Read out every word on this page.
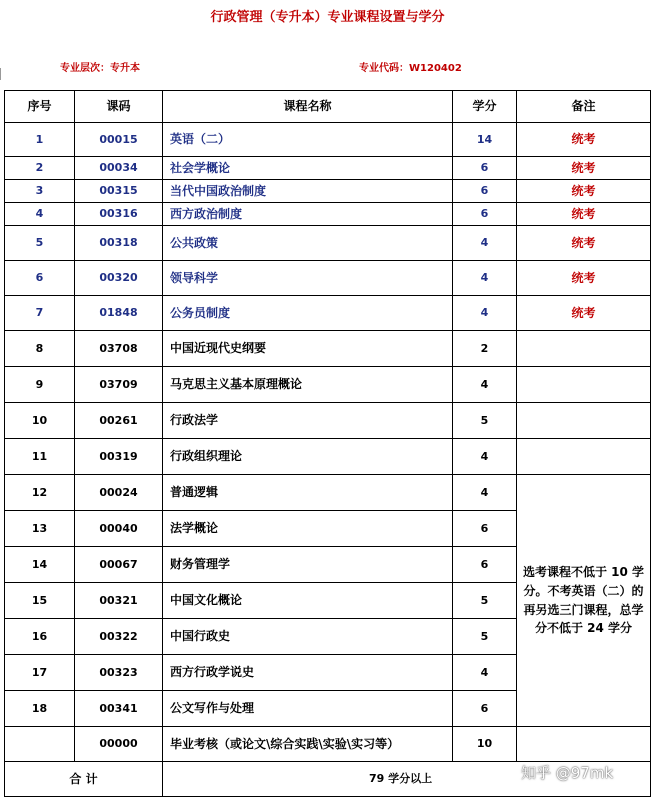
行政管理（专升本）专业课程设置与学分
专业层次：专升本	专业代码：W120402
序号	课码	课程名称	学分	备注
1	00015	英语（二）	14	统考
2	00034	社会学概论	6	统考
3	00315	当代中国政治制度	6	统考
4	00316	西方政治制度	6	统考
5	00318	公共政策	4	统考
6	00320	领导科学	4	统考
7	01848	公务员制度	4	统考
8	03708	中国近现代史纲要	2	
9	03709	马克思主义基本原理概论	4	
10	00261	行政法学	5	
11	00319	行政组织理论	4	
12	00024	普通逻辑	4	选考课程不低于 10 学分。不考英语（二）的再另选三门课程，总学分不低于 24 学分
13	00040	法学概论	6	
14	00067	财务管理学	6	
15	00321	中国文化概论	5	
16	00322	中国行政史	5	
17	00323	西方行政学说史	4	
18	00341	公文写作与处理	6	
	00000	毕业考核（或论文\综合实践\实验\实习等）	10	
合 计		79 学分以上			知乎 @97mk
